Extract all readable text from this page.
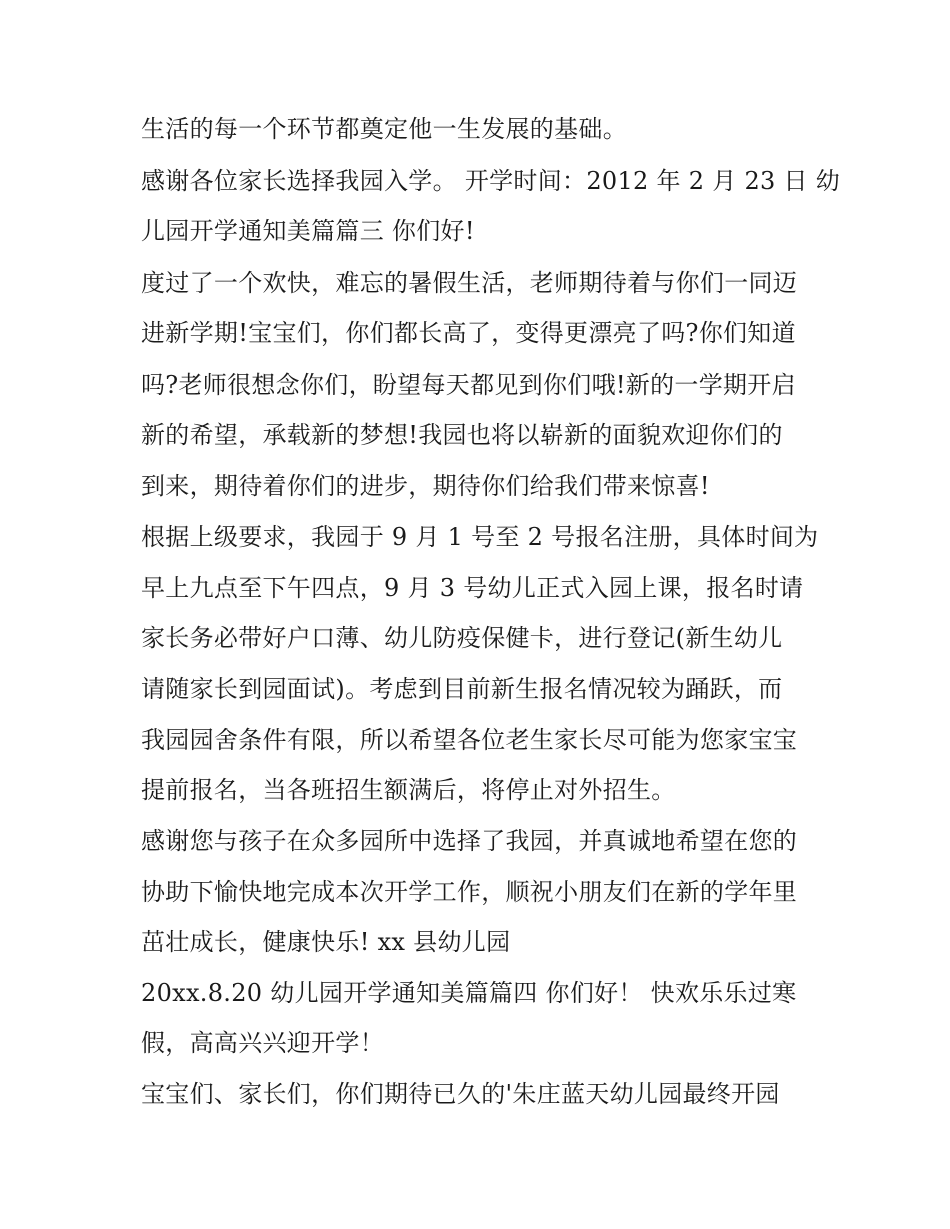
生活的每一个环节都奠定他一生发展的基础。

感谢各位家长选择我园入学。 开学时间：2012 年 2 月 23 日 幼

儿园开学通知美篇篇三 你们好!

度过了一个欢快，难忘的暑假生活，老师期待着与你们一同迈

进新学期!宝宝们，你们都长高了，变得更漂亮了吗?你们知道

吗?老师很想念你们，盼望每天都见到你们哦!新的一学期开启

新的希望，承载新的梦想!我园也将以崭新的面貌欢迎你们的

到来，期待着你们的进步，期待你们给我们带来惊喜!

根据上级要求，我园于 9 月 1 号至 2 号报名注册，具体时间为

早上九点至下午四点，9 月 3 号幼儿正式入园上课，报名时请

家长务必带好户口薄、幼儿防疫保健卡，进行登记(新生幼儿

请随家长到园面试)。考虑到目前新生报名情况较为踊跃，而

我园园舍条件有限，所以希望各位老生家长尽可能为您家宝宝

提前报名，当各班招生额满后，将停止对外招生。

感谢您与孩子在众多园所中选择了我园，并真诚地希望在您的

协助下愉快地完成本次开学工作，顺祝小朋友们在新的学年里

茁壮成长，健康快乐! xx 县幼儿园

20xx.8.20 幼儿园开学通知美篇篇四 你们好！ 快欢乐乐过寒

假，高高兴兴迎开学！

宝宝们、家长们，你们期待已久的'朱庄蓝天幼儿园最终开园
